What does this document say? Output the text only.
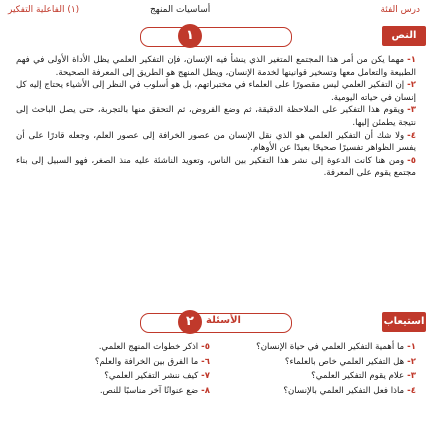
درس الفئة
أساسيات المنهج
(١) الفاعلية التفكير
١	النص

١-مهما يكن من أمر هذا المجتمع المتغير الذي ينشأ فيه الإنسان، فإن التفكير العلمي يظل الأداة الأولى في فهم الطبيعة والتعامل معها وتسخير قوانينها لخدمة الإنسان، ويظل المنهج هو الطريق إلى المعرفة الصحيحة.

٢-إن التفكير العلمي ليس مقصورًا على العلماء في مختبراتهم، بل هو أسلوب في النظر إلى الأشياء يحتاج إليه كل إنسان في حياته اليومية.

٣-ويقوم هذا التفكير على الملاحظة الدقيقة، ثم وضع الفروض، ثم التحقق منها بالتجربة، حتى يصل الباحث إلى نتيجة يطمئن إليها.

٤-ولا شك أن التفكير العلمي هو الذي نقل الإنسان من عصور الخرافة إلى عصور العلم، وجعله قادرًا على أن يفسر الظواهر تفسيرًا صحيحًا بعيدًا عن الأوهام.

٥-ومن هنا كانت الدعوة إلى نشر هذا التفكير بين الناس، وتعويد الناشئة عليه منذ الصغر، فهو السبيل إلى بناء مجتمع يقوم على المعرفة.

٢	الأسئلة	استيعاب
١-ما أهمية التفكير العلمي في حياة الإنسان؟
٥-اذكر خطوات المنهج العلمي.
٢-هل التفكير العلمي خاص بالعلماء؟
٦-ما الفرق بين الخرافة والعلم؟
٣-علام يقوم التفكير العلمي؟
٧-كيف ننشر التفكير العلمي؟
٤-ماذا فعل التفكير العلمي بالإنسان؟
٨-ضع عنوانًا آخر مناسبًا للنص.
